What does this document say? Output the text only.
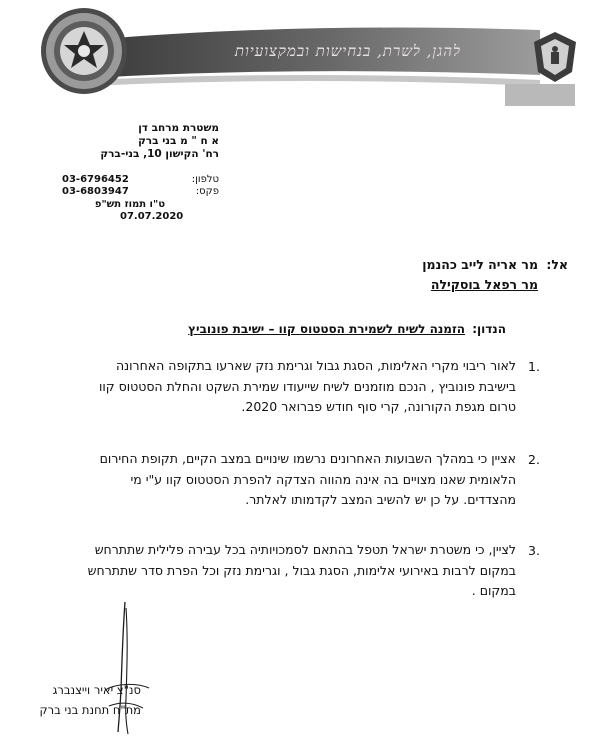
להגן, לשרת, בנחישות ובמקצועיות
משטרת מרחב דן
א ח " מ בני ברק
רח' הקישון 10, בני-ברק
טלפון:
03-6796452
פקס:
03-6803947
ט"ו תמוז תש"פ
07.07.2020
אל:
מר אריה לייב כהנמן
מר רפאל בוסקילה
הנדון:
הזמנה לשיח לשמירת הסטטוס קוו – ישיבת פונוביץ
1.
לאור ריבוי מקרי האלימות, הסגת גבול וגרימת נזק שארעו בתקופה האחרונה
בישיבת פונוביץ , הנכם מוזמנים לשיח שייעודו שמירת השקט והחלת הסטטוס קוו
טרום מגפת הקורונה, קרי סוף חודש פברואר 2020.
2.
אציין כי במהלך השבועות האחרונים נרשמו שינויים במצב הקיים, תקופת החירום
הלאומית שאנו מצויים בה אינה מהווה הצדקה להפרת הסטטוס קוו ע"י מי
מהצדדים. על כן יש להשיב המצב לקדמותו לאלתר.
3.
לציין, כי משטרת ישראל תטפל בהתאם לסמכויותיה בכל עבירה פלילית שתתרחש
במקום לרבות באירועי אלימות, הסגת גבול , וגרימת נזק וכל הפרת סדר שתתרחש
במקום .
סנ"צ יאיר וייצנברג
מת"ח תחנת בני ברק
